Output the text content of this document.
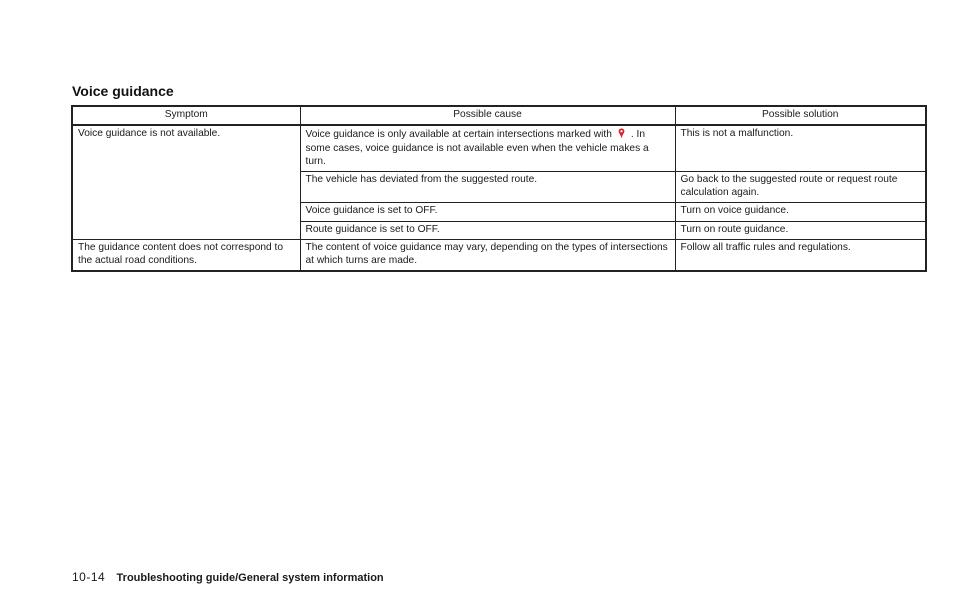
Voice guidance
Symptom	Possible cause	Possible solution
Voice guidance is not available.	Voice guidance is only available at certain intersections marked with . In some cases, voice guidance is not available even when the vehicle makes a turn.	This is not a malfunction.
	The vehicle has deviated from the suggested route.	Go back to the suggested route or request route calculation again.
	Voice guidance is set to OFF.	Turn on voice guidance.
	Route guidance is set to OFF.	Turn on route guidance.
The guidance content does not correspond to the actual road conditions.	The content of voice guidance may vary, depending on the types of intersections at which turns are made.	Follow all traffic rules and regulations.
10-14 Troubleshooting guide/General system information
